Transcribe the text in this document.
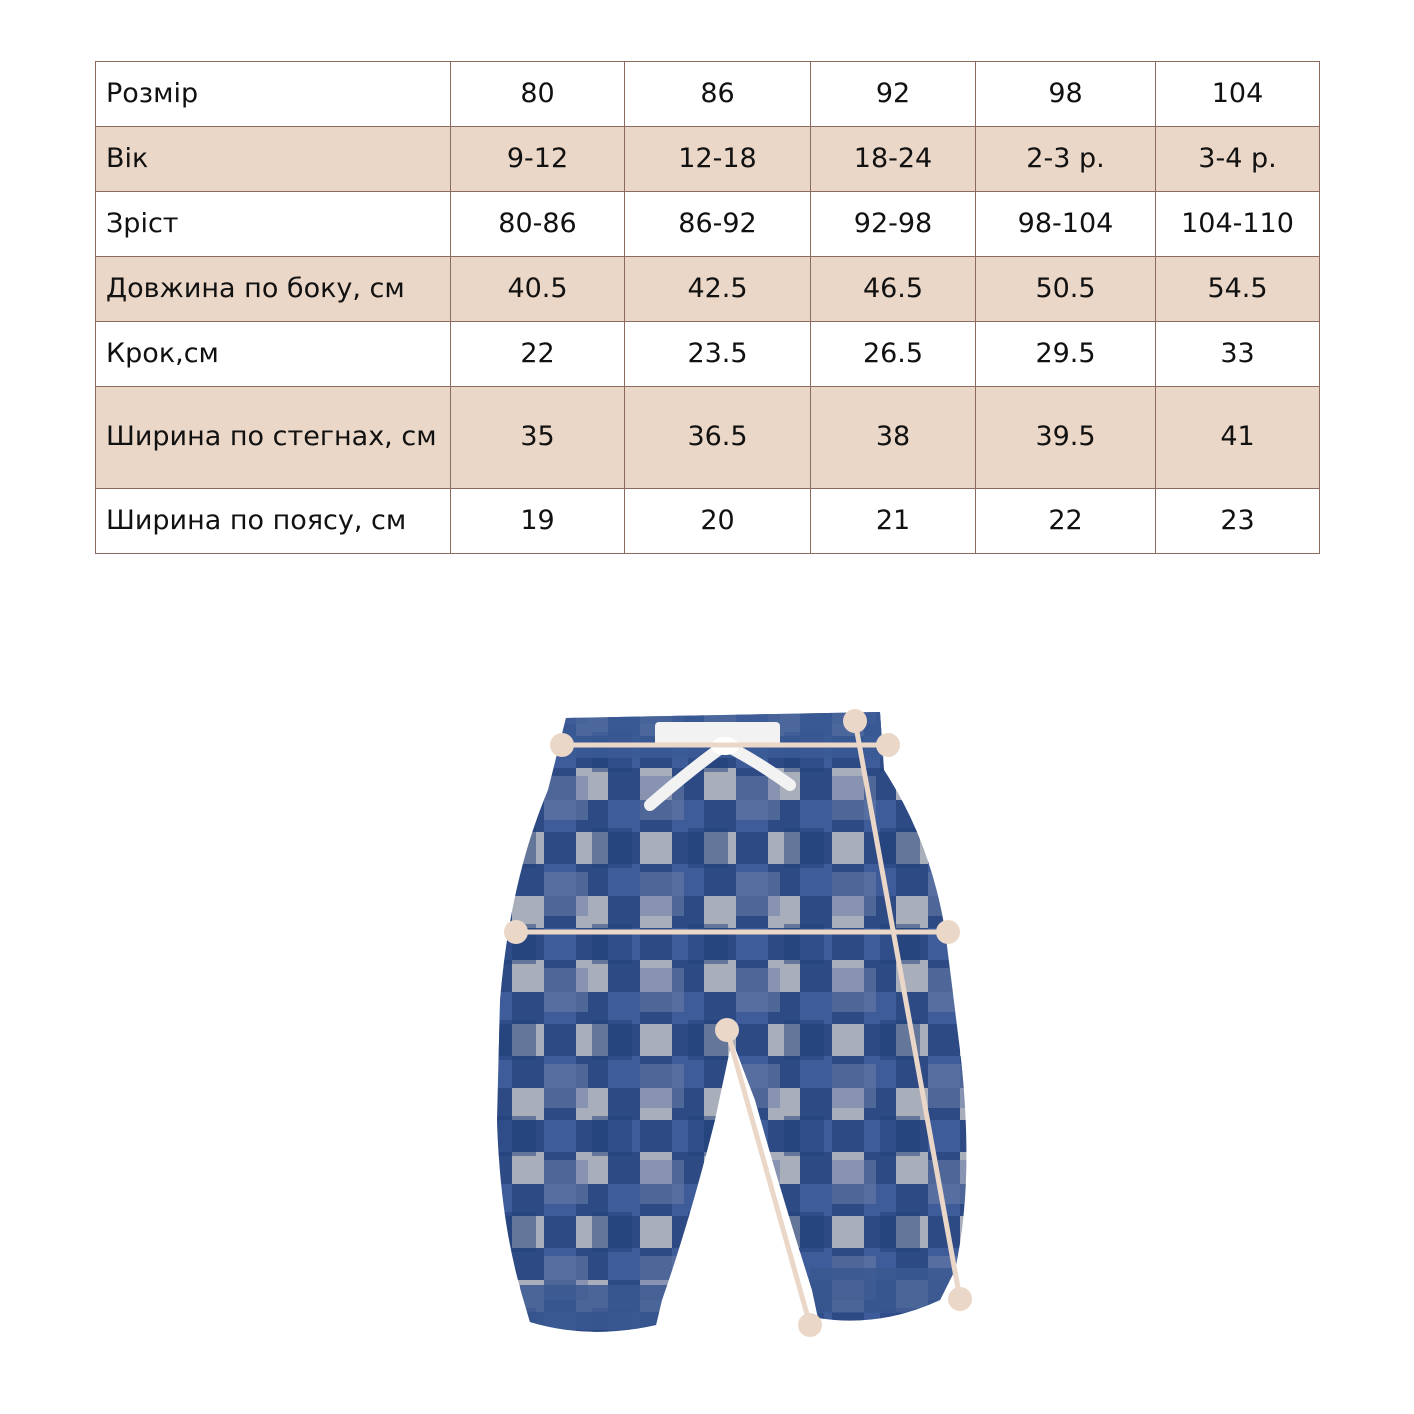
Розмір	80	86	92	98	104
Вік	9-12	12-18	18-24	2-3 р.	3-4 р.
Зріст	80-86	86-92	92-98	98-104	104-110
Довжина по боку, см	40.5	42.5	46.5	50.5	54.5
Крок,см	22	23.5	26.5	29.5	33
Ширина по стегнах, см	35	36.5	38	39.5	41
Ширина по поясу, см	19	20	21	22	23
